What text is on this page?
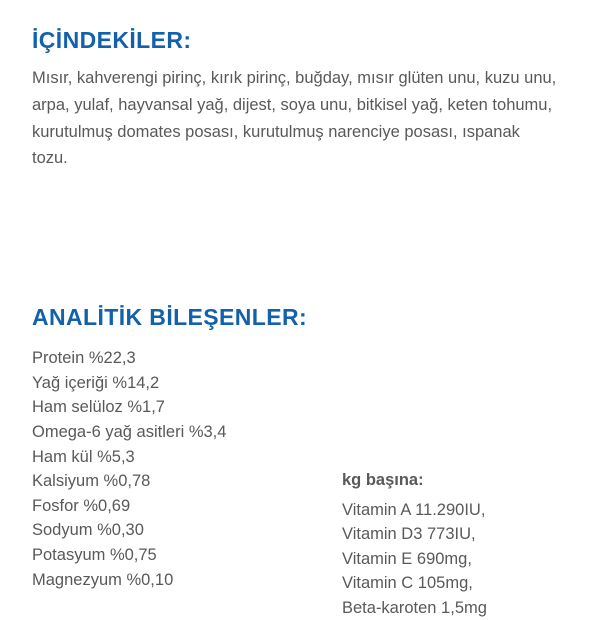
İÇİNDEKİLER:

Mısır, kahverengi pirinç, kırık pirinç, buğday, mısır glüten unu, kuzu unu, arpa, yulaf, hayvansal yağ, dijest, soya unu, bitkisel yağ, keten tohumu, kurutulmuş domates posası, kurutulmuş narenciye posası, ıspanak tozu.

ANALİTİK BİLEŞENLER:
Protein %22,3
Yağ içeriği %14,2
Ham selüloz %1,7
Omega-6 yağ asitleri %3,4
Ham kül %5,3
Kalsiyum %0,78
Fosfor %0,69
Sodyum %0,30
Potasyum %0,75
Magnezyum %0,10
kg başına:
Vitamin A 11.290IU,
Vitamin D3 773IU,
Vitamin E 690mg,
Vitamin C 105mg,
Beta-karoten 1,5mg
